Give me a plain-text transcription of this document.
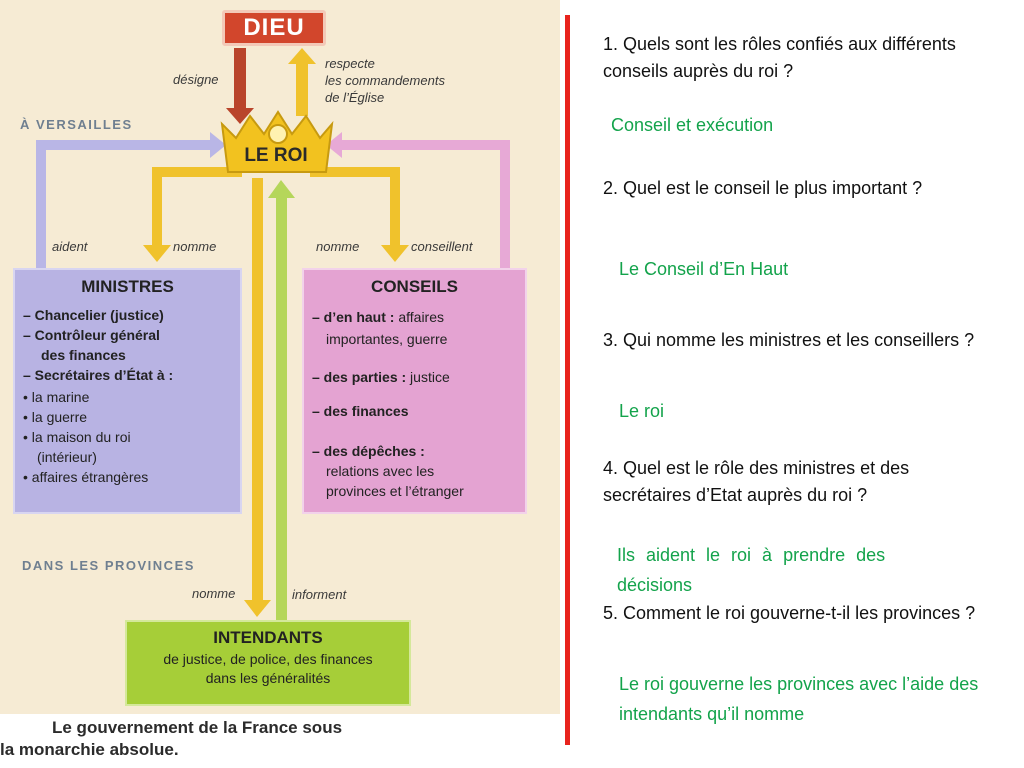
DIEU
désigne
respecte
les commandements
de l’Église
À VERSAILLES
LE ROI
aident	nomme	nomme	conseillent
MINISTRES
– Chancelier (justice)
– Contrôleur général
des finances
– Secrétaires d’État à :
• la marine
• la guerre
• la maison du roi
(intérieur)
• affaires étrangères
CONSEILS
– d’en haut : affaires
importantes, guerre
– des parties : justice
– des finances
– des dépêches :
relations avec les
provinces et l’étranger
DANS LES PROVINCES
nomme	informent
INTENDANTS
de justice, de police, des finances
dans les généralités
Le gouvernement de la France sous
la monarchie absolue.
1. Quels sont les rôles confiés aux différents conseils auprès du roi ?
Conseil et exécution
2. Quel est le conseil le plus important ?
Le Conseil d’En Haut
3. Qui nomme les ministres et les conseillers ?
Le roi
4. Quel est le rôle des ministres et des secrétaires d’Etat auprès du roi ?
Ils aident le roi à prendre des décisions
5. Comment le roi gouverne-t-il les provinces ?
Le roi gouverne les provinces avec l’aide des intendants qu’il nomme
